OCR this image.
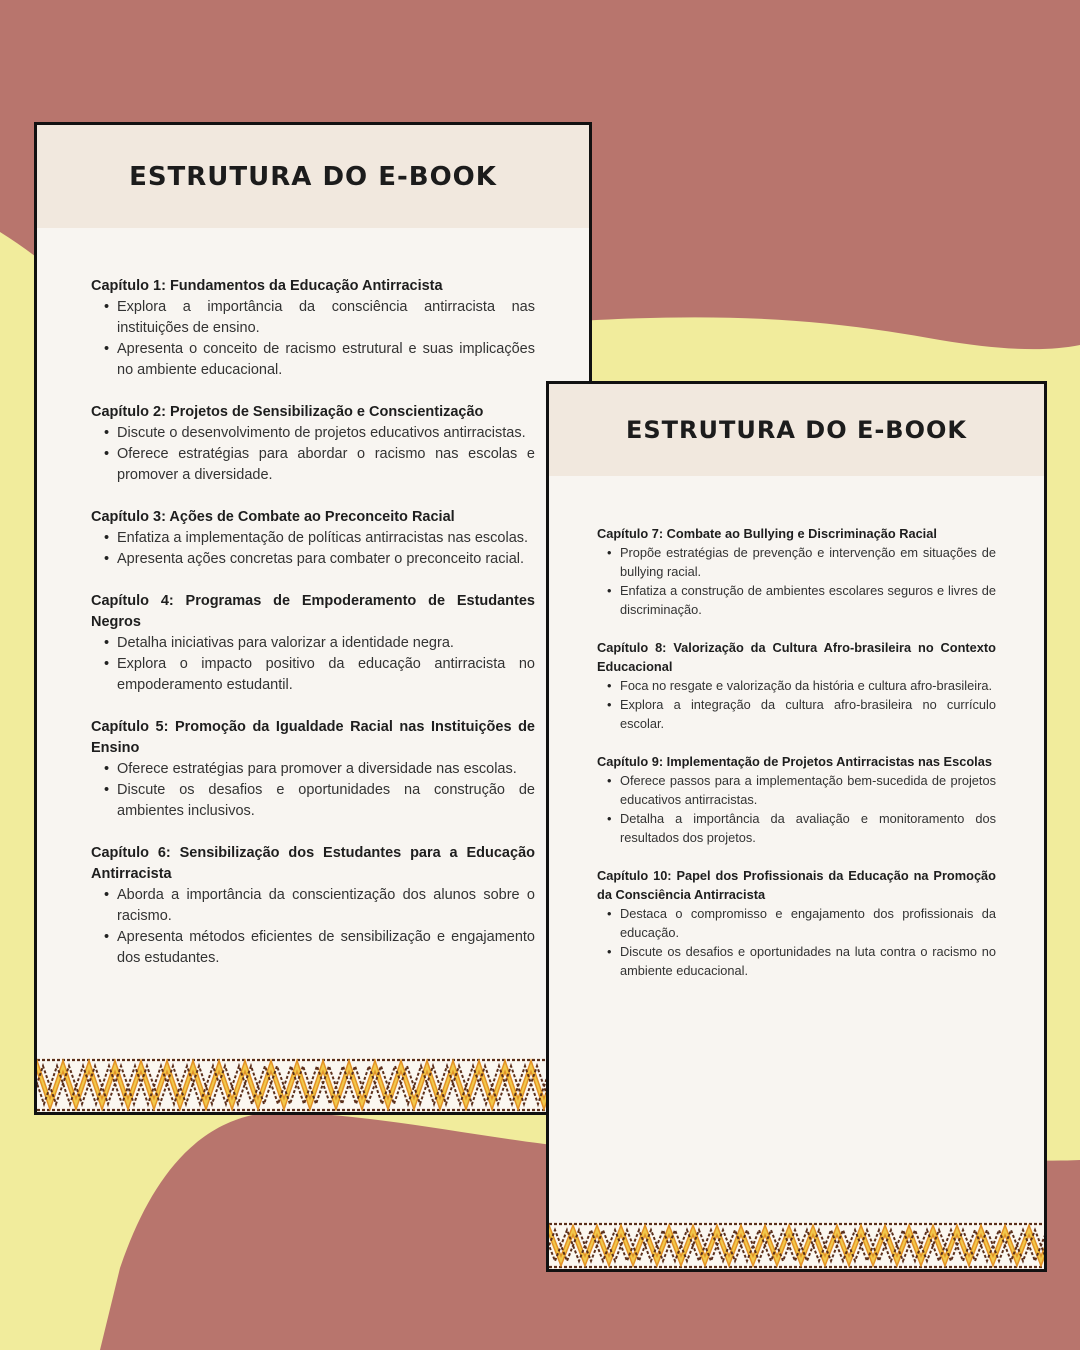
ESTRUTURA DO E-BOOK

Capítulo 1: Fundamentos da Educação Antirracista

• Explora a importância da consciência antirracista nas instituições de ensino.
• Apresenta o conceito de racismo estrutural e suas implicações no ambiente educacional.

Capítulo 2: Projetos de Sensibilização e Conscientização

• Discute o desenvolvimento de projetos educativos antirracistas.
• Oferece estratégias para abordar o racismo nas escolas e promover a diversidade.

Capítulo 3: Ações de Combate ao Preconceito Racial

• Enfatiza a implementação de políticas antirracistas nas escolas.
• Apresenta ações concretas para combater o preconceito racial.

Capítulo 4: Programas de Empoderamento de Estudantes Negros

• Detalha iniciativas para valorizar a identidade negra.
• Explora o impacto positivo da educação antirracista no empoderamento estudantil.

Capítulo 5: Promoção da Igualdade Racial nas Instituições de Ensino

• Oferece estratégias para promover a diversidade nas escolas.
• Discute os desafios e oportunidades na construção de ambientes inclusivos.

Capítulo 6: Sensibilização dos Estudantes para a Educação Antirracista

• Aborda a importância da conscientização dos alunos sobre o racismo.
• Apresenta métodos eficientes de sensibilização e engajamento dos estudantes.
ESTRUTURA DO E-BOOK

Capítulo 7: Combate ao Bullying e Discriminação Racial

• Propõe estratégias de prevenção e intervenção em situações de bullying racial.
• Enfatiza a construção de ambientes escolares seguros e livres de discriminação.

Capítulo 8: Valorização da Cultura Afro-brasileira no Contexto Educacional

• Foca no resgate e valorização da história e cultura afro-brasileira.
• Explora a integração da cultura afro-brasileira no currículo escolar.

Capítulo 9: Implementação de Projetos Antirracistas nas Escolas

• Oferece passos para a implementação bem-sucedida de projetos educativos antirracistas.
• Detalha a importância da avaliação e monitoramento dos resultados dos projetos.

Capítulo 10: Papel dos Profissionais da Educação na Promoção da Consciência Antirracista

• Destaca o compromisso e engajamento dos profissionais da educação.
• Discute os desafios e oportunidades na luta contra o racismo no ambiente educacional.
